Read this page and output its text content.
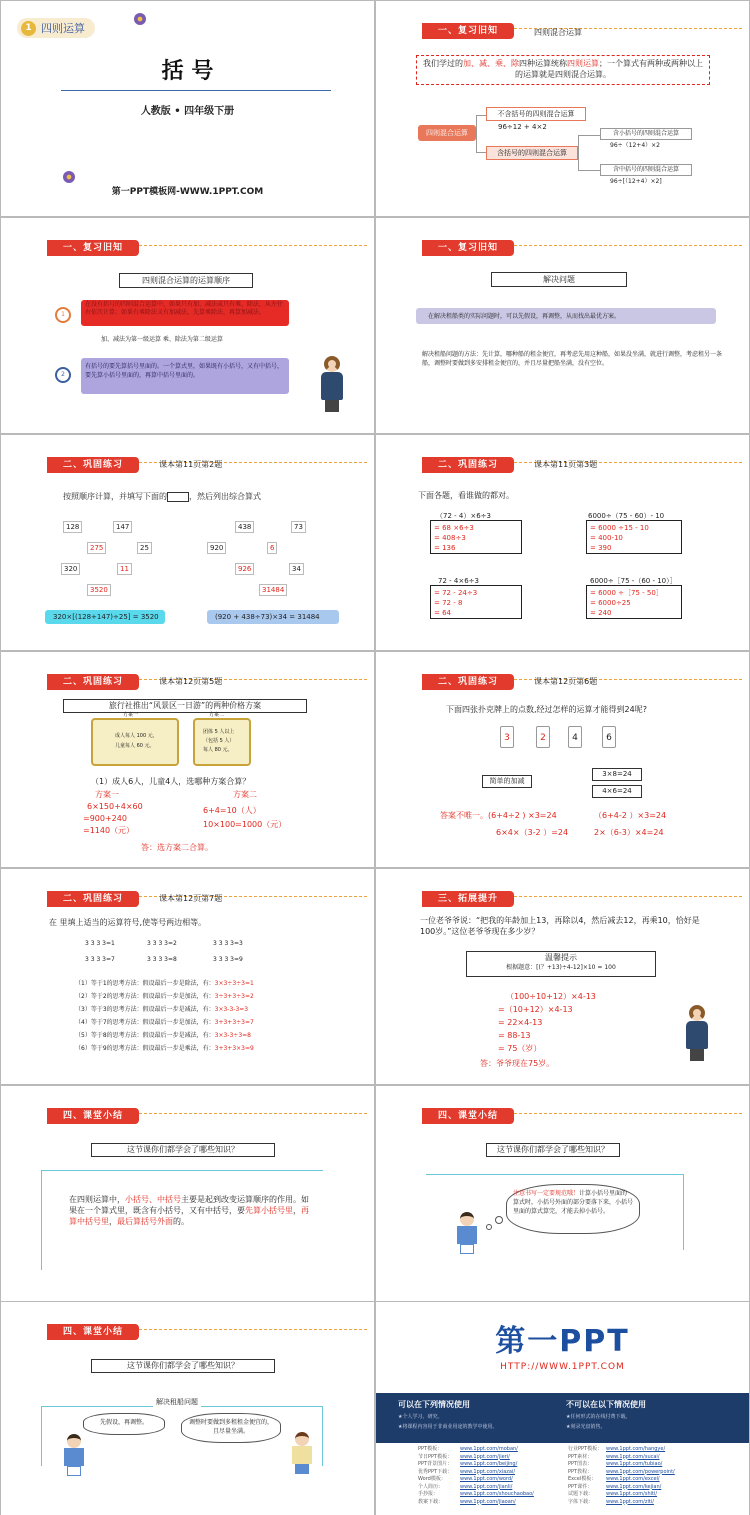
1 四则运算
括 号
人教版 • 四年级下册
第一PPT模板网-WWW.1PPT.COM
一、复习旧知	四则混合运算
我们学过的加、减、乘、除四种运算统称四则运算；一个算式有两种或两种以上的运算就是四则混合运算。
四则混合运算
不含括号的四则混合运算
96÷12 + 4×2
含括号的四则混合运算
含小括号的四则混合运算
96÷（12+4）×2
含中括号的四则混合运算
96÷[（12+4）×2]
一、复习旧知
四则混合运算的运算顺序
1
在没有括号的四则混合运算中，如果只有加、减法或只有乘、除法，从左往右依次计算；如果有乘除法又有加减法，先算乘除法，再算加减法。
加、减法为第一级运算 乘、除法为第二级运算
2
有括号的要先算括号里面的。一个算式里，如果既有小括号，又有中括号，要先算小括号里面的，再算中括号里面的。
一、复习旧知
解决问题
在解决租船类的实际问题时，可以先假设，再调整，从而找出最优方案。
解决租船问题的方法：先计算，哪种船的租金便宜，再考虑先用这种船，如果没坐满，就进行调整，考虑租另一条船，调整时要做到多安排租金便宜的，并且尽量把船坐满，没有空位。
二、巩固练习	课本第11页第2题
按照顺序计算，并填写下面的	，然后列出综合算式
128	147
275	25
320	11
3520
438	73
920	6
926	34
31484
320×[(128+147)÷25] = 3520	(920 + 438÷73)×34 = 31484
二、巩固练习	课本第11页第3题
下面各题，看谁做的都对。
（72 - 4）×6÷3
= 68 ×6÷3
= 408÷3
= 136
6000÷（75 - 60）- 10
= 6000 ÷15 - 10
= 400-10
= 390
72 - 4×6÷3
= 72 - 24÷3
= 72 - 8
= 64
6000÷［75 -（60 - 10）］
= 6000 ÷［75 - 50］
= 6000÷25
= 240
二、巩固练习	课本第12页第5题
旅行社推出“风景区一日游”的两种价格方案
方案一
成人每人 100 元，
儿童每人 60 元。
方案二
团体 5 人以上
（包括 5 人）
每人 80 元。
（1）成人6人，儿童4人，选哪种方案合算？
方案一
6×150+4×60
=900+240
=1140（元）
方案二
6+4=10（人）
10×100=1000（元）
答：选方案二合算。
二、巩固练习	课本第12页第6题
下面四张扑克牌上的点数,经过怎样的运算才能得到24呢?
3	2	4	6
简单的加减
3×8=24
4×6=24
答案不唯一。(6+4÷2 ) ×3=24	（6+4-2 ）×3=24
6×4×（3-2 ）=24	2×（6-3）×4=24
二、巩固练习	课本第12页第7题
在 里填上适当的运算符号,使等号两边相等。
3 3 3 3=1	3 3 3 3=2	3 3 3 3=3
3 3 3 3=7	3 3 3 3=8	3 3 3 3=9
（1）等于1的思考方法：假设最后一步是除法，有：3×3÷3÷3=1
（2）等于2的思考方法：假设最后一步是加法，有：3÷3+3÷3=2
（3）等于3的思考方法：假设最后一步是减法，有：3×3-3-3=3
（4）等于7的思考方法：假设最后一步是加法，有：3+3+3÷3=7
（5）等于8的思考方法：假设最后一步是减法，有：3×3-3÷3=8
（6）等于9的思考方法：假设最后一步是乘法，有：3+3+3×3=9
三、拓展提升
一位老爷爷说：“把我的年龄加上13，再除以4，然后减去12，再乘10，恰好是100岁。”这位老爷爷现在多少岁？
温馨提示
根据题意：[(？+13)÷4-12]×10 = 100
（100÷10+12）×4-13
=（10+12）×4-13
= 22×4-13
= 88-13
= 75（岁）
答：爷爷现在75岁。
四、课堂小结
这节课你们都学会了哪些知识？
在四则运算中，小括号、中括号主要是起到改变运算顺序的作用。如果在一个算式里，既含有小括号，又有中括号，要先算小括号里，再算中括号里，最后算括号外面的。
四、课堂小结
这节课你们都学会了哪些知识？
注意书写一定要规范哦！计算小括号里面的算式时，小括号外面的部分要落下来，小括号里面的算式算完，才能去掉小括号。
四、课堂小结
这节课你们都学会了哪些知识？
解决租船问题
先假设，再调整。	调整时要做到多租租金便宜的，且尽量坐满。
第一PPT
HTTP://WWW.1PPT.COM
可以在下列情况使用
★个人学习、研究。
★将课程内容用于非商业用途的教学中使用。
不可以在以下情况使用
★任何形式的在线付费下载。
★刻录光盘销售。
PPT模板：	www.1ppt.com/moban/
节日PPT模板： www.1ppt.com/jieri/
PPT背景图片： www.1ppt.com/beijing/
优秀PPT下载： www.1ppt.com/xiazai/
Word模板：	www.1ppt.com/word/
个人简历：	www.1ppt.com/jianli/
手抄报：	www.1ppt.com/shouchaobao/
教案下载：	www.1ppt.com/jiaoan/
行业PPT模板： www.1ppt.com/hangye/
PPT素材：	www.1ppt.com/sucai/
PPT图表：	www.1ppt.com/tubiao/
PPT教程：	www.1ppt.com/powerpoint/
Excel模板： www.1ppt.com/excel/
PPT课件：	www.1ppt.com/kejian/
试题下载：	www.1ppt.com/shiti/
字体下载：	www.1ppt.com/ziti/
